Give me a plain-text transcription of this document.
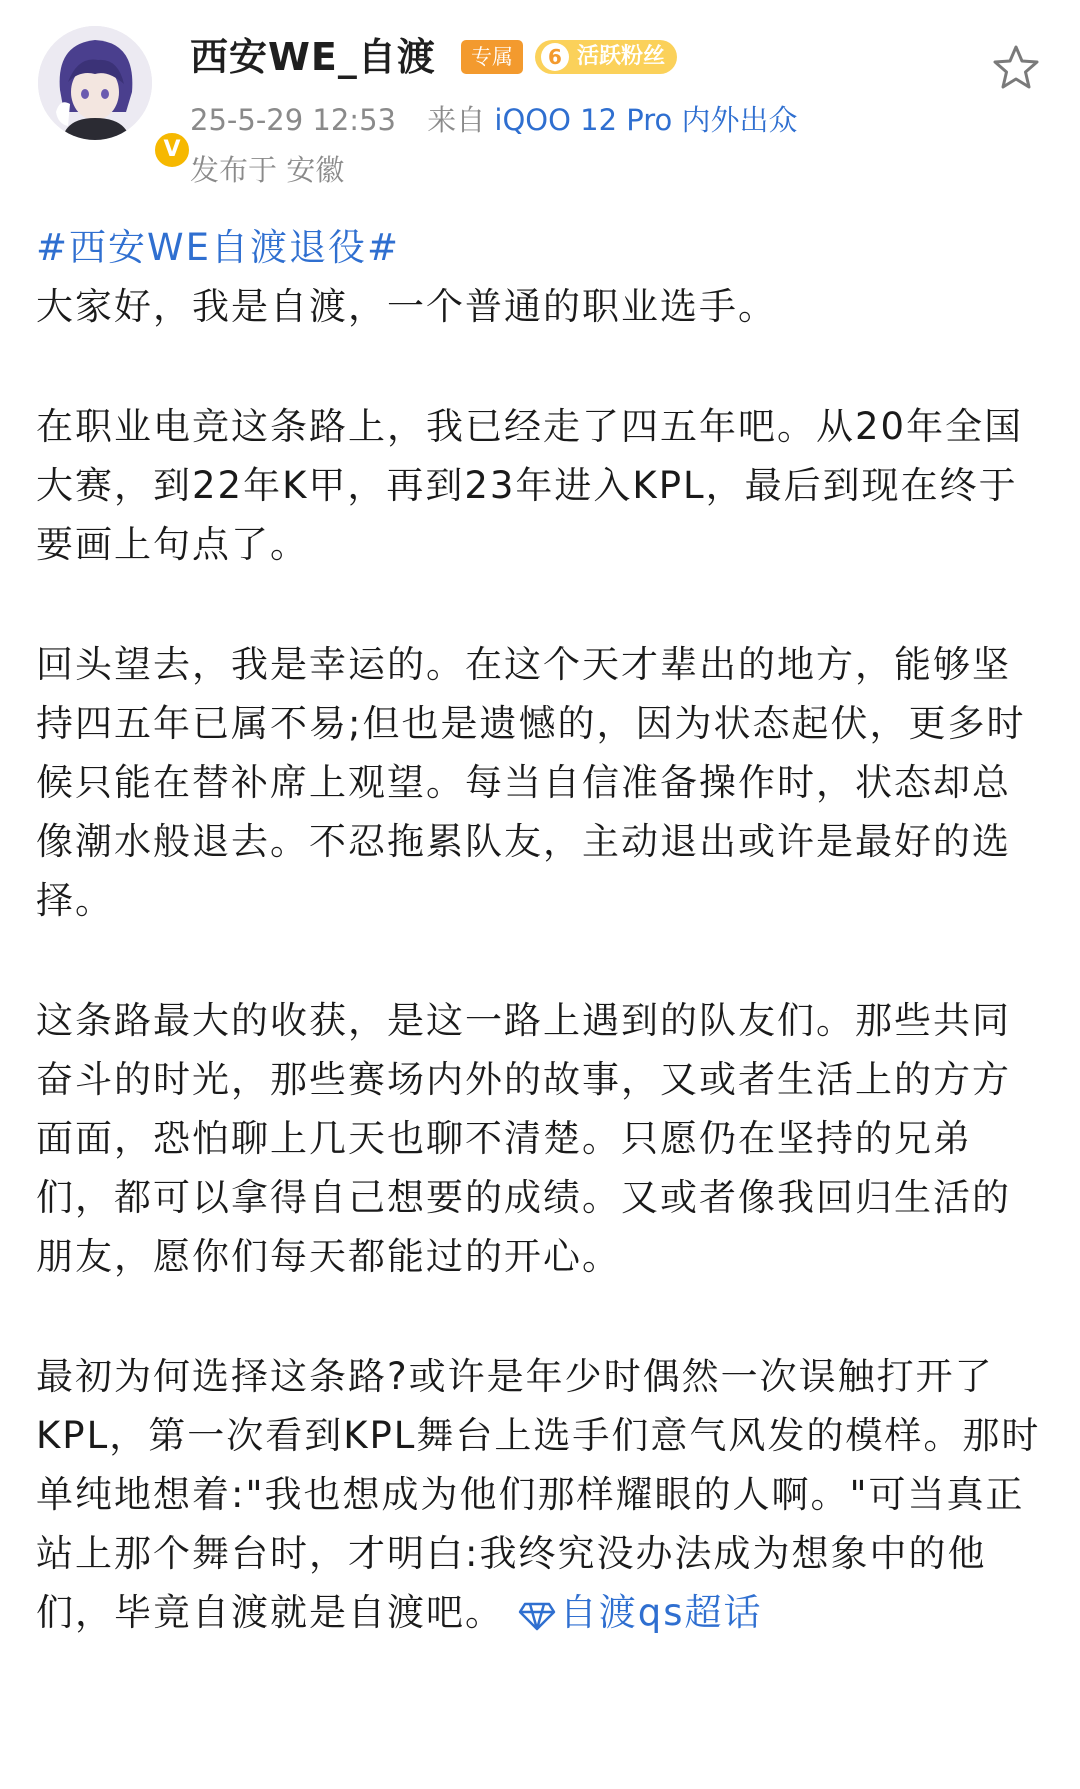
V
西安WE_自渡	专属	6 活跃粉丝
25-5-29 12:53 来自 iQOO 12 Pro 内外出众
发布于 安徽

#西安WE自渡退役#
大家好，我是自渡，一个普通的职业选手。

在职业电竞这条路上，我已经走了四五年吧。从20年全国大赛，到22年K甲，再到23年进入KPL，最后到现在终于要画上句点了。

回头望去，我是幸运的。在这个天才辈出的地方，能够坚持四五年已属不易;但也是遗憾的，因为状态起伏，更多时候只能在替补席上观望。每当自信准备操作时，状态却总像潮水般退去。不忍拖累队友，主动退出或许是最好的选择。

这条路最大的收获，是这一路上遇到的队友们。那些共同奋斗的时光，那些赛场内外的故事，又或者生活上的方方面面，恐怕聊上几天也聊不清楚。只愿仍在坚持的兄弟们，都可以拿得自己想要的成绩。又或者像我回归生活的朋友，愿你们每天都能过的开心。

最初为何选择这条路?或许是年少时偶然一次误触打开了KPL，第一次看到KPL舞台上选手们意气风发的模样。那时单纯地想着:"我也想成为他们那样耀眼的人啊。"可当真正站上那个舞台时，才明白:我终究没办法成为想象中的他们，毕竟自渡就是自渡吧。 自渡qs超话
